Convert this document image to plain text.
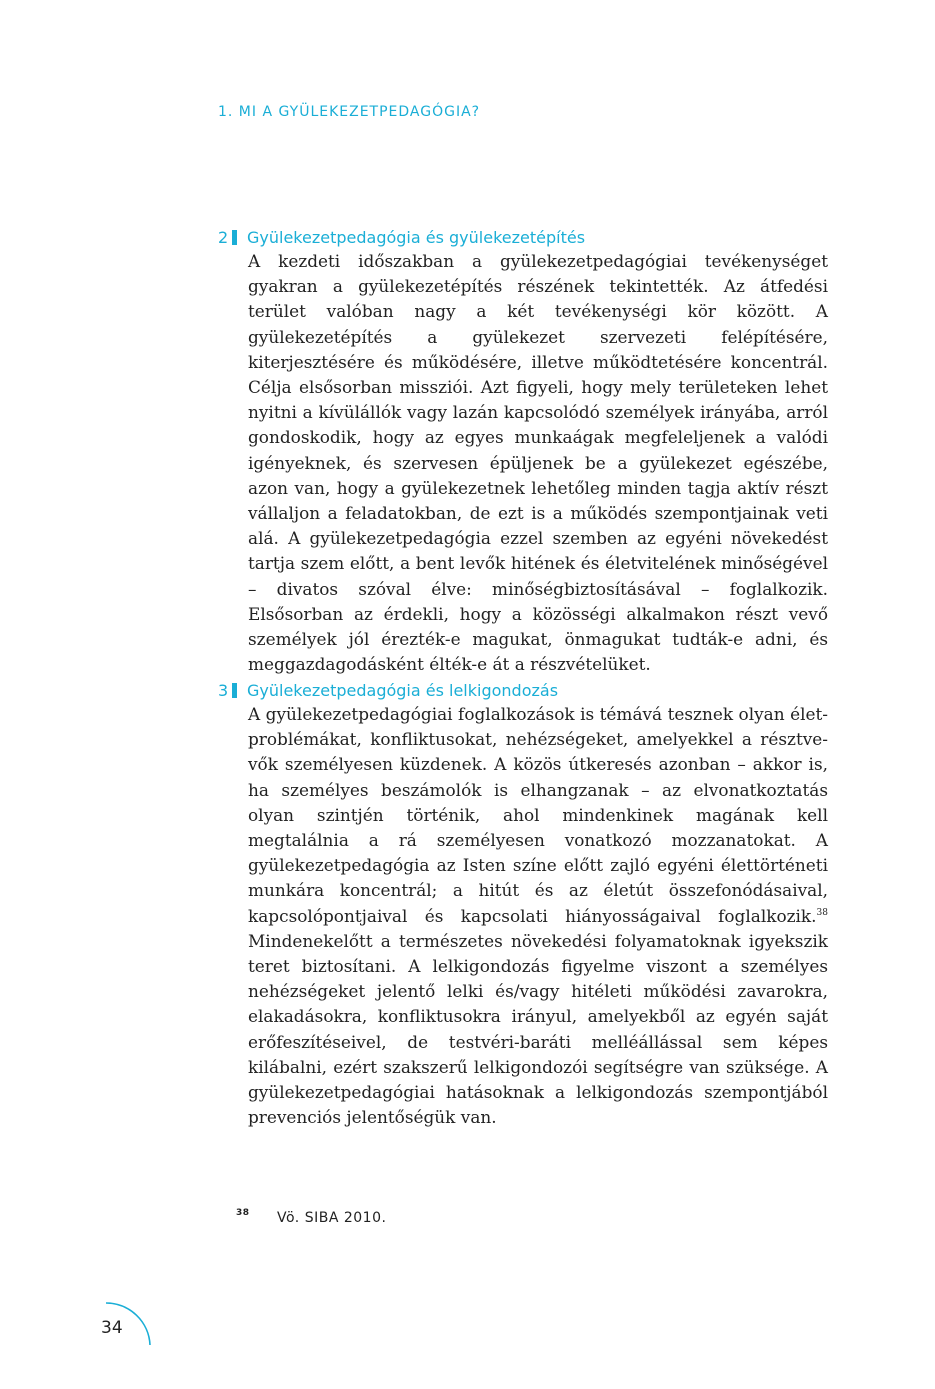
1. MI A GYÜLEKEZETPEDAGÓGIA?
2 Gyülekezetpedagógia és gyülekezetépítés
A kezdeti időszakban a gyülekezetpedagógiai tevékenységet gyakran a gyülekezetépítés részének tekintették. Az átfedési terület valóban nagy a két tevékenységi kör között. A gyülekezetépítés a gyülekezet szervezeti felépítésére, kiterjesztésére és működésére, illetve működtetésére koncentrál. Célja elsősorban missziói. Azt figyeli, hogy mely területeken lehet nyitni a kívülállók vagy lazán kapcsolódó személyek irányába, arról gondoskodik, hogy az egyes munkaágak megfeleljenek a valódi igényeknek, és szervesen épüljenek be a gyülekezet egészébe, azon van, hogy a gyülekezetnek lehetőleg minden tagja aktív részt vállaljon a feladatokban, de ezt is a működés szempontjainak veti alá. A gyülekezetpedagógia ezzel szemben az egyéni növekedést tartja szem előtt, a bent levők hitének és életvitelének minőségével – divatos szóval élve: minőségbiztosításával – foglalkozik. Elsősorban az érdekli, hogy a közösségi alkalmakon részt vevő személyek jól érezték-e magukat, önmagukat tudták-e adni, és meggazdagodásként élték-e át a részvételüket.
3 Gyülekezetpedagógia és lelkigondozás
A gyülekezetpedagógiai foglalkozások is témává tesznek olyan életproblémákat, konfliktusokat, nehézségeket, amelyekkel a résztvevők személyesen küzdenek. A közös útkeresés azonban – akkor is, ha személyes beszámolók is elhangzanak – az elvonatkoztatás olyan szintjén történik, ahol mindenkinek magának kell megtalálnia a rá személyesen vonatkozó mozzanatokat. A gyülekezetpedagógia az Isten színe előtt zajló egyéni élettörténeti munkára koncentrál; a hitút és az életút összefonódásaival, kapcsolópontjaival és kapcsolati hiányosságaival foglalkozik.$^{38}$ Mindenekelőtt a természetes növekedési folyamatoknak igyekszik teret biztosítani. A lelkigondozás figyelme viszont a személyes nehézségeket jelentő lelki és/vagy hitéleti működési zavarokra, elakadásokra, konfliktusokra irányul, amelyekből az egyén saját erőfeszítéseivel, de testvéri-baráti melléállással sem képes kilábalni, ezért szakszerű lelkigondozói segítségre van szüksége. A gyülekezetpedagógiai hatásoknak a lelkigondozás szempontjából prevenciós jelentőségük van.
38 Vö. SIBA 2010.
34
